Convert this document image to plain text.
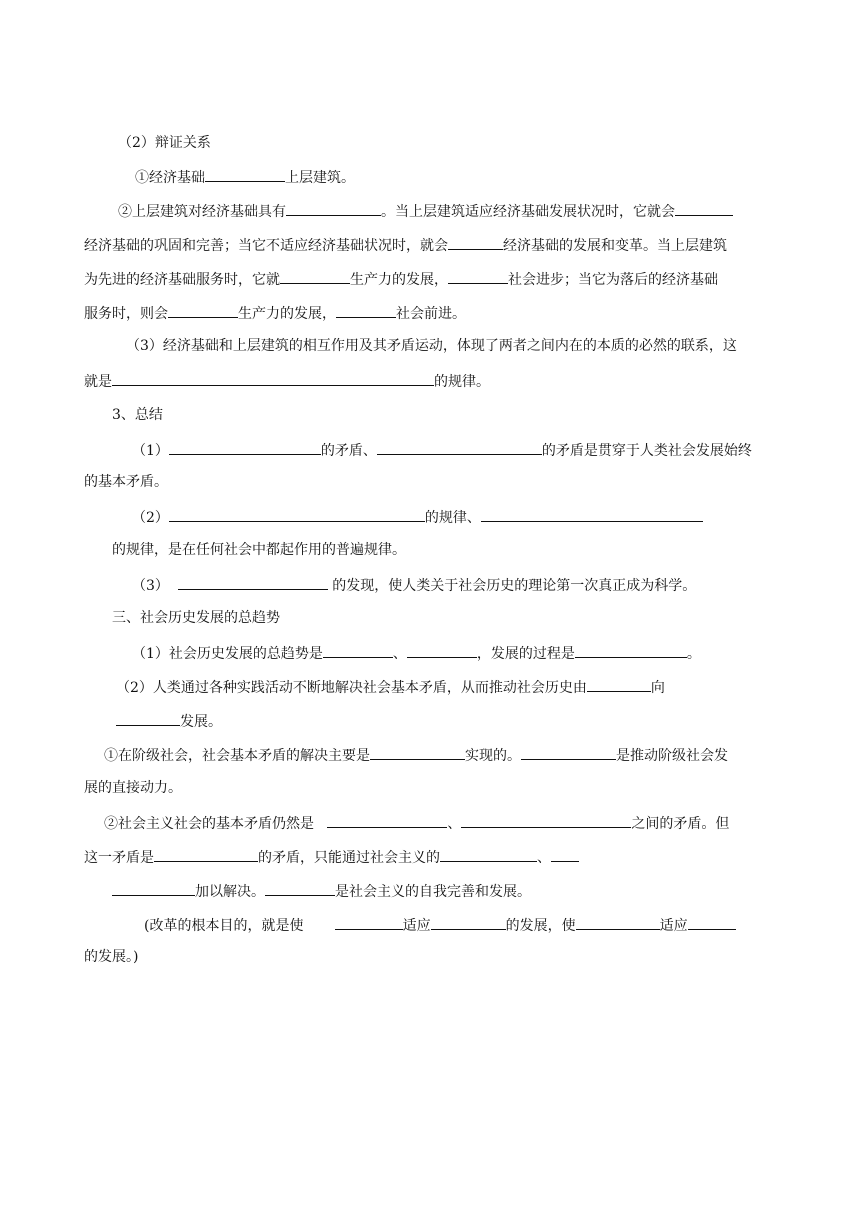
（2）辩证关系
①经济基础	上层建筑。
②上层建筑对经济基础具有	。当上层建筑适应经济基础发展状况时，它就会
经济基础的巩固和完善；当它不适应经济基础状况时，就会	经济基础的发展和变革。当上层建筑
为先进的经济基础服务时，它就	生产力的发展，	社会进步；当它为落后的经济基础
服务时，则会	生产力的发展，	社会前进。
（3）经济基础和上层建筑的相互作用及其矛盾运动，体现了两者之间内在的本质的必然的联系，这
就是	的规律。
3、总结
（1）	的矛盾、	的矛盾是贯穿于人类社会发展始终
的基本矛盾。
（2）	的规律、
的规律，是在任何社会中都起作用的普遍规律。
（3）	的发现，使人类关于社会历史的理论第一次真正成为科学。
三、社会历史发展的总趋势
（1）社会历史发展的总趋势是	、	，发展的过程是	。
（2）人类通过各种实践活动不断地解决社会基本矛盾，从而推动社会历史由	向
发展。
①在阶级社会，社会基本矛盾的解决主要是	实现的。	是推动阶级社会发
展的直接动力。
②社会主义社会的基本矛盾仍然是	、	之间的矛盾。但
这一矛盾是	的矛盾，只能通过社会主义的	、
加以解决。	是社会主义的自我完善和发展。
(改革的根本目的，就是使	适应	的发展，使	适应
的发展。)
